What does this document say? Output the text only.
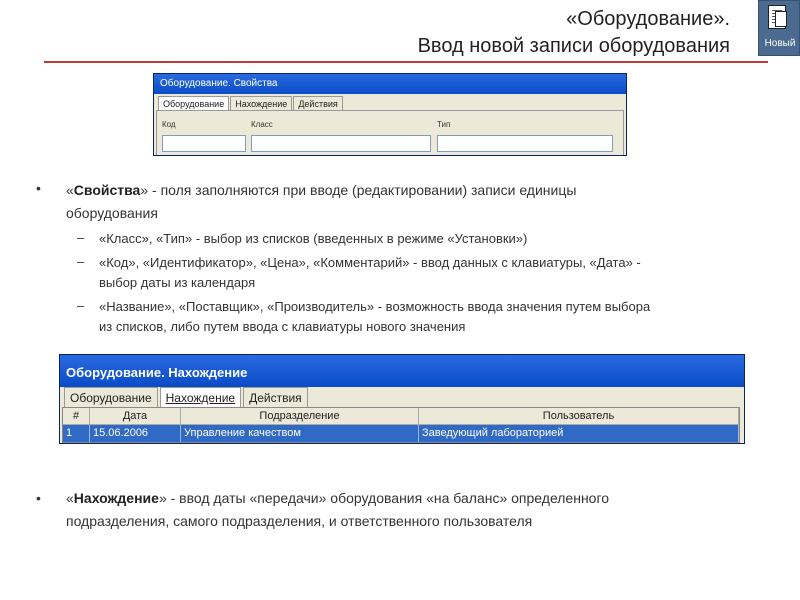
«Оборудование».
Ввод новой записи оборудования	Новый
Оборудование. Свойства
Оборудование	Нахождение	Действия
Код	Класс	Тип
• «Свойства» - поля заполняются при вводе (редактировании) записи единицы
оборудования
– «Класс», «Тип» - выбор из списков (введенных в режиме «Установки»)
– «Код», «Идентификатор», «Цена», «Комментарий» - ввод данных с клавиатуры, «Дата» -
выбор даты из календаря
– «Название», «Поставщик», «Производитель» - возможность ввода значения путем выбора
из списков, либо путем ввода с клавиатуры нового значения
Оборудование. Нахождение
Оборудование	Нахождение	Действия
#	Дата	Подразделение	Пользователь
1	15.06.2006	Управление качеством	Заведующий лабораторией
• «Нахождение» - ввод даты «передачи» оборудования «на баланс» определенного
подразделения, самого подразделения, и ответственного пользователя
